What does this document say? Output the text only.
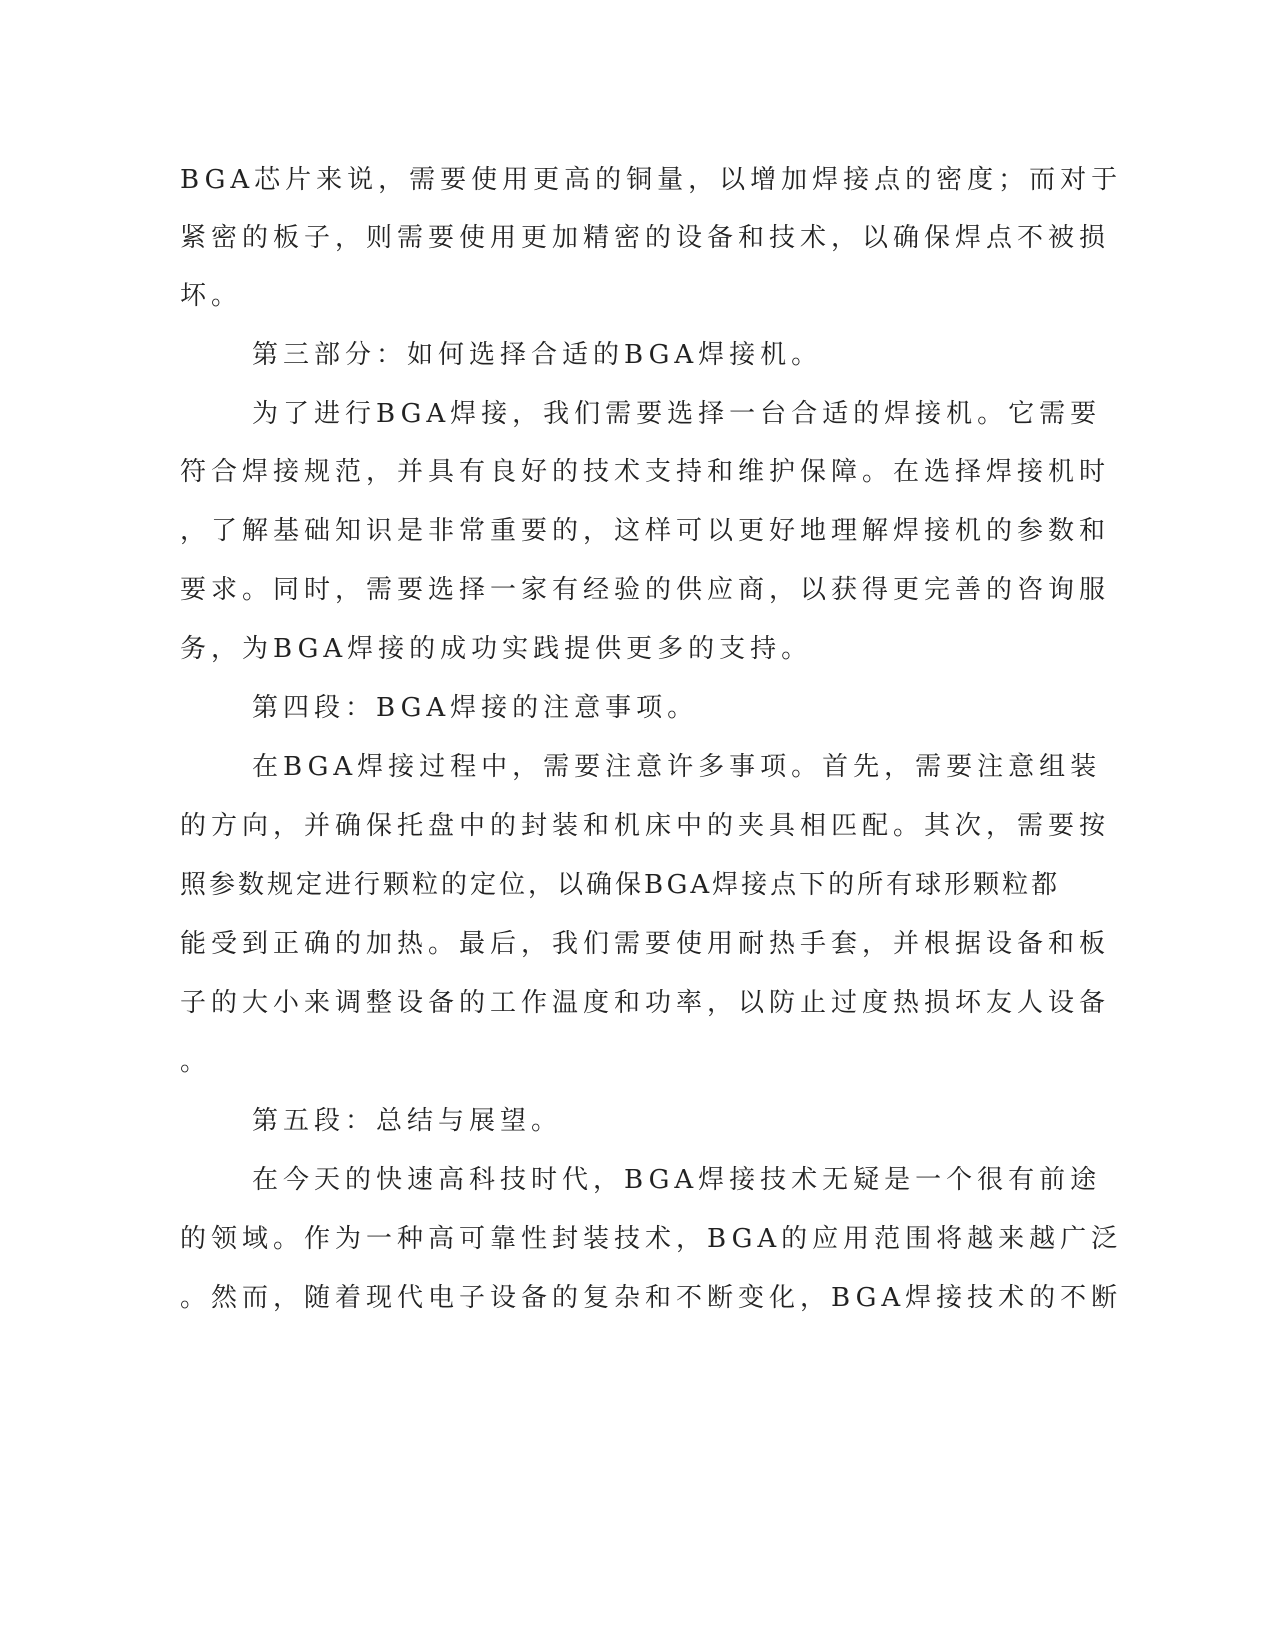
BGA芯片来说，需要使用更高的铜量，以增加焊接点的密度；而对于
紧密的板子，则需要使用更加精密的设备和技术，以确保焊点不被损
坏。
第三部分：如何选择合适的BGA焊接机。
为了进行BGA焊接，我们需要选择一台合适的焊接机。它需要
符合焊接规范，并具有良好的技术支持和维护保障。在选择焊接机时
，了解基础知识是非常重要的，这样可以更好地理解焊接机的参数和
要求。同时，需要选择一家有经验的供应商，以获得更完善的咨询服
务，为BGA焊接的成功实践提供更多的支持。
第四段：BGA焊接的注意事项。
在BGA焊接过程中，需要注意许多事项。首先，需要注意组装
的方向，并确保托盘中的封装和机床中的夹具相匹配。其次，需要按
照参数规定进行颗粒的定位，以确保BGA焊接点下的所有球形颗粒都
能受到正确的加热。最后，我们需要使用耐热手套，并根据设备和板
子的大小来调整设备的工作温度和功率，以防止过度热损坏友人设备
。
第五段：总结与展望。
在今天的快速高科技时代，BGA焊接技术无疑是一个很有前途
的领域。作为一种高可靠性封装技术，BGA的应用范围将越来越广泛
。然而，随着现代电子设备的复杂和不断变化，BGA焊接技术的不断
